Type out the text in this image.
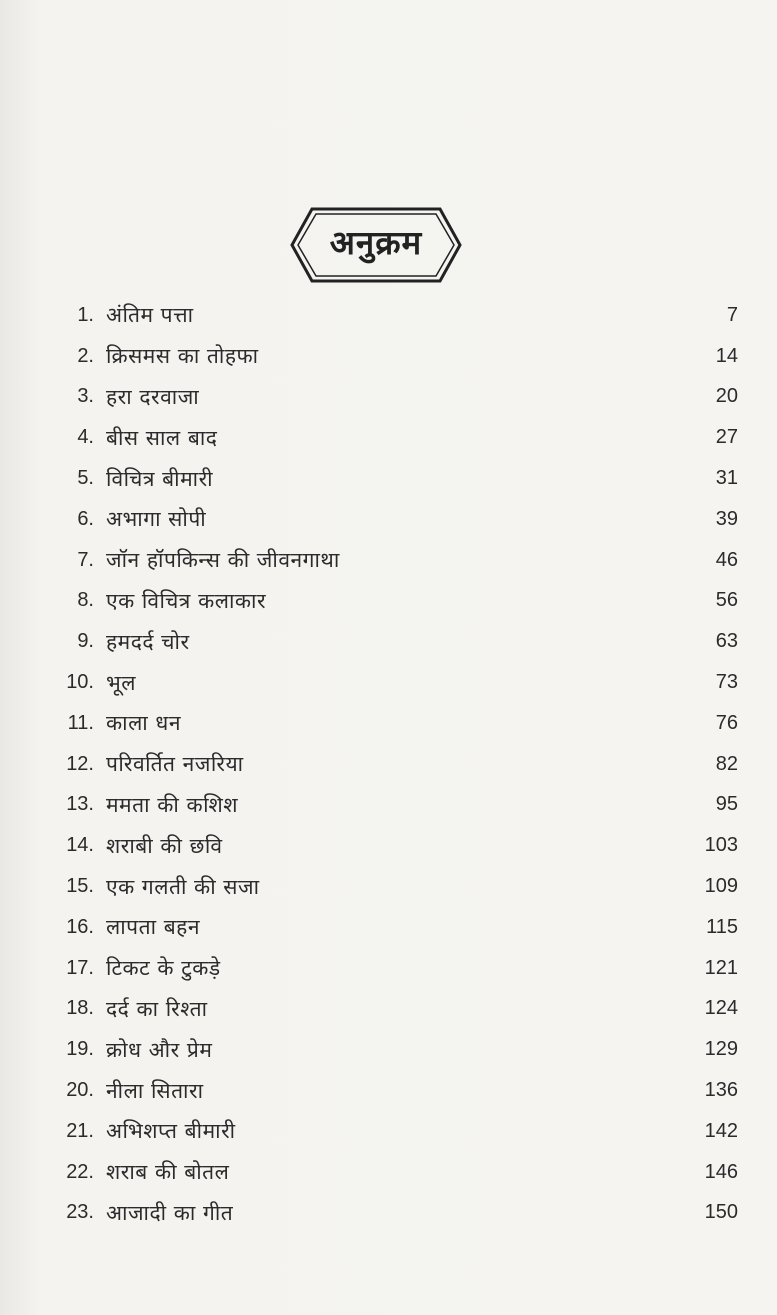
अनुक्रम
1. अंतिम पत्ता	7
2. क्रिसमस का तोहफा	14
3. हरा दरवाजा	20
4. बीस साल बाद	27
5. विचित्र बीमारी	31
6. अभागा सोपी	39
7. जॉन हॉपकिन्स की जीवनगाथा	46
8. एक विचित्र कलाकार	56
9. हमदर्द चोर	63
10. भूल	73
11. काला धन	76
12. परिवर्तित नजरिया	82
13. ममता की कशिश	95
14. शराबी की छवि	103
15. एक गलती की सजा	109
16. लापता बहन	115
17. टिकट के टुकड़े	121
18. दर्द का रिश्ता	124
19. क्रोध और प्रेम	129
20. नीला सितारा	136
21. अभिशप्त बीमारी	142
22. शराब की बोतल	146
23. आजादी का गीत	150
